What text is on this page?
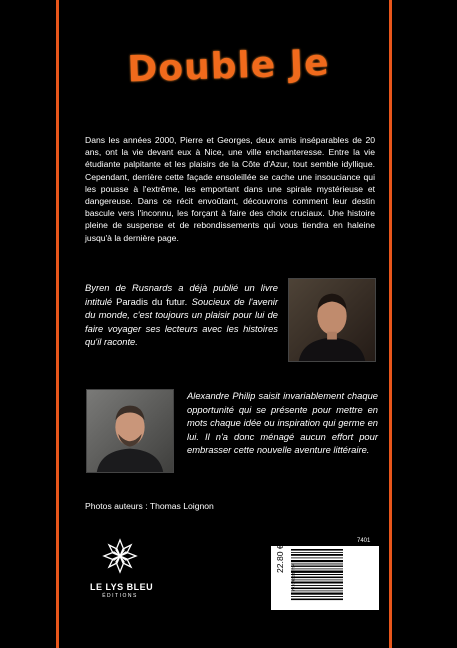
Double Je

Dans les années 2000, Pierre et Georges, deux amis inséparables de 20 ans, ont la vie devant eux à Nice, une ville enchanteresse. Entre la vie étudiante palpitante et les plaisirs de la Côte d'Azur, tout semble idyllique. Cependant, derrière cette façade ensoleillée se cache une insouciance qui les pousse à l'extrême, les emportant dans une spirale mystérieuse et dangereuse. Dans ce récit envoûtant, découvrons comment leur destin bascule vers l'inconnu, les forçant à faire des choix cruciaux. Une histoire pleine de suspense et de rebondissements qui vous tiendra en haleine jusqu'à la dernière page.

Byren de Rusnards a déjà publié un livre intitulé Paradis du futur. Soucieux de l'avenir du monde, c'est toujours un plaisir pour lui de faire voyager ses lecteurs avec les histoires qu'il raconte.

Alexandre Philip saisit invariablement chaque opportunité qui se présente pour mettre en mots chaque idée ou inspiration qui germe en lui. Il n'a donc ménagé aucun effort pour embrasser cette nouvelle aventure littéraire.

Photos auteurs : Thomas Loignon

LE LYS BLEU
ÉDITIONS

7401

22.80 €
9 791042 213794
